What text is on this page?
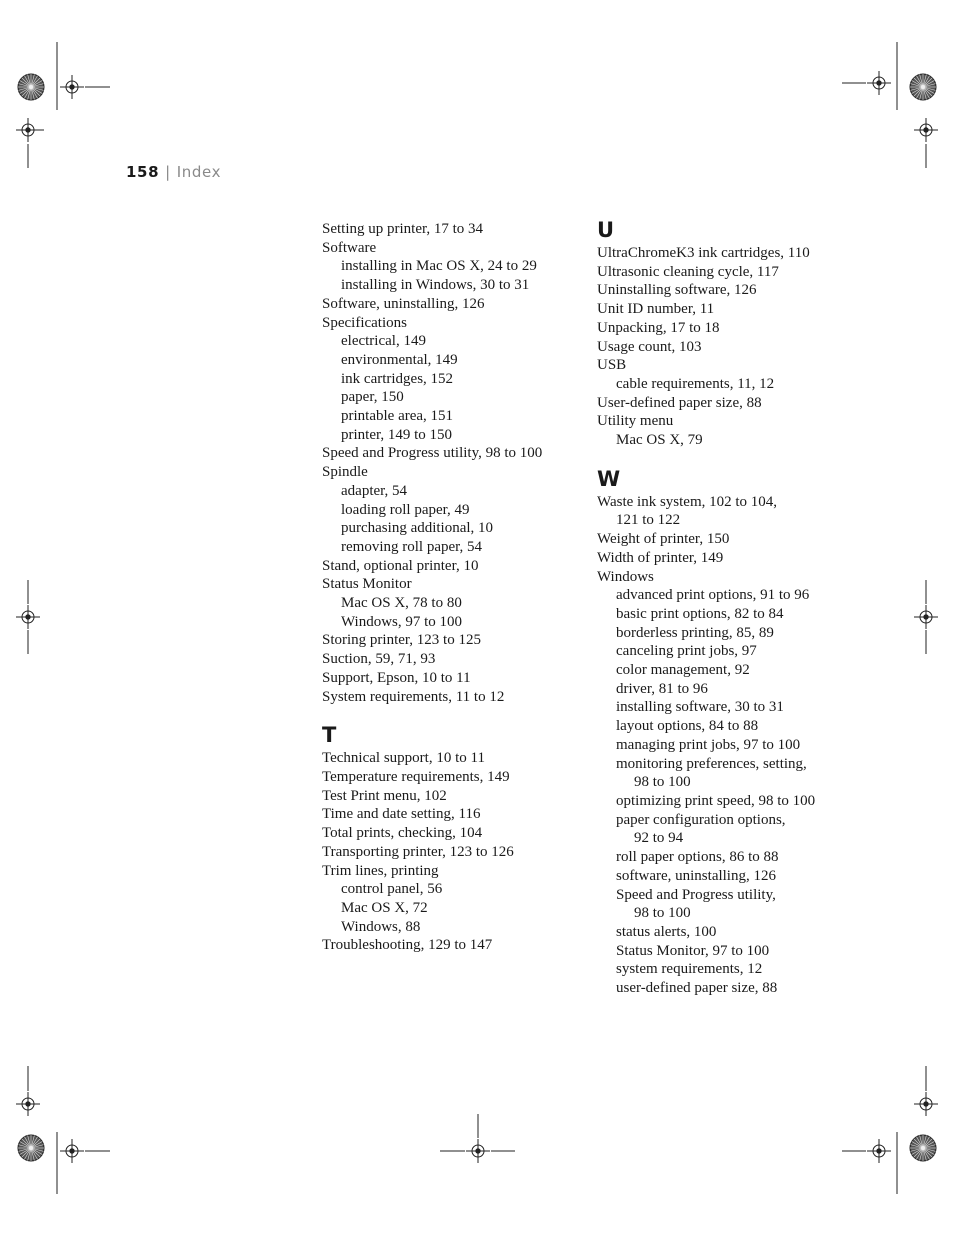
158 | Index
Setting up printer, 17 to 34
Software
installing in Mac OS X, 24 to 29
installing in Windows, 30 to 31
Software, uninstalling, 126
Specifications
electrical, 149
environmental, 149
ink cartridges, 152
paper, 150
printable area, 151
printer, 149 to 150
Speed and Progress utility, 98 to 100
Spindle
adapter, 54
loading roll paper, 49
purchasing additional, 10
removing roll paper, 54
Stand, optional printer, 10
Status Monitor
Mac OS X, 78 to 80
Windows, 97 to 100
Storing printer, 123 to 125
Suction, 59, 71, 93
Support, Epson, 10 to 11
System requirements, 11 to 12
T
Technical support, 10 to 11
Temperature requirements, 149
Test Print menu, 102
Time and date setting, 116
Total prints, checking, 104
Transporting printer, 123 to 126
Trim lines, printing
control panel, 56
Mac OS X, 72
Windows, 88
Troubleshooting, 129 to 147
U
UltraChromeK3 ink cartridges, 110
Ultrasonic cleaning cycle, 117
Uninstalling software, 126
Unit ID number, 11
Unpacking, 17 to 18
Usage count, 103
USB
cable requirements, 11, 12
User-defined paper size, 88
Utility menu
Mac OS X, 79
W
Waste ink system, 102 to 104,
121 to 122
Weight of printer, 150
Width of printer, 149
Windows
advanced print options, 91 to 96
basic print options, 82 to 84
borderless printing, 85, 89
canceling print jobs, 97
color management, 92
driver, 81 to 96
installing software, 30 to 31
layout options, 84 to 88
managing print jobs, 97 to 100
monitoring preferences, setting,
98 to 100
optimizing print speed, 98 to 100
paper configuration options,
92 to 94
roll paper options, 86 to 88
software, uninstalling, 126
Speed and Progress utility,
98 to 100
status alerts, 100
Status Monitor, 97 to 100
system requirements, 12
user-defined paper size, 88
